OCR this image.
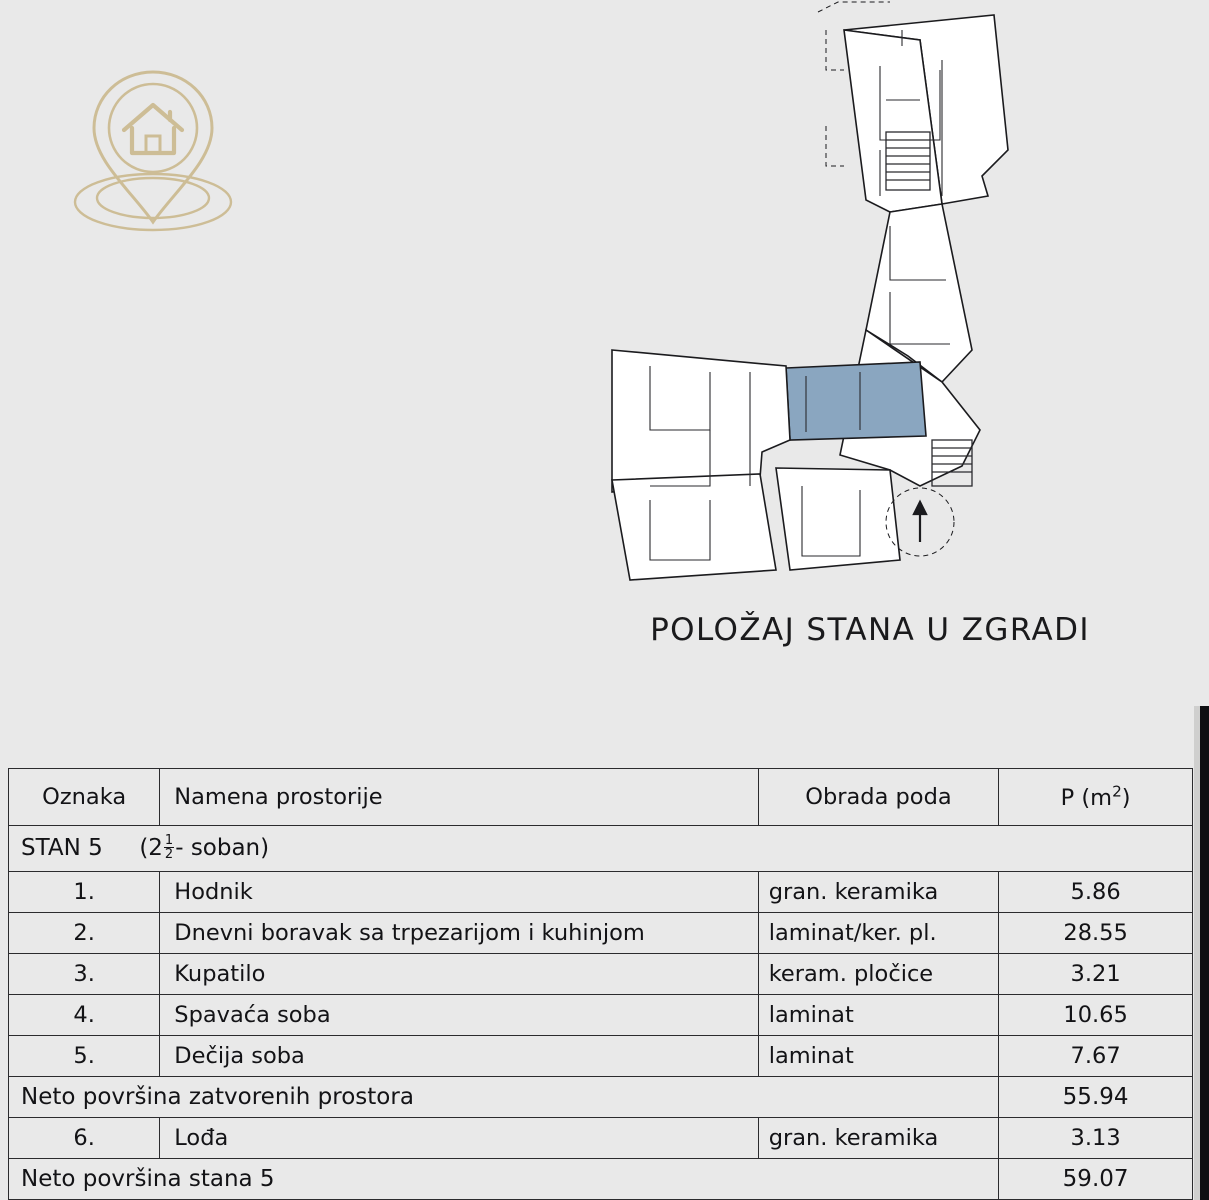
POLOŽAJ STANA U ZGRADI
Oznaka	Namena prostorije	Obrada poda	P $(m^2)$
STAN 5 ($2 \frac{1}{2}$ - soban)			
1.	Hodnik	gran. keramika	5.86
2.	Dnevni boravak sa trpezarijom i kuhinjom	laminat/ker. pl.	28.55
3.	Kupatilo	keram. pločice	3.21
4.	Spavaća soba	laminat	10.65
5.	Dečija soba	laminat	7.67
Neto površina zatvorenih prostora			55.94
6.	Lođa	gran. keramika	3.13
Neto površina stana 5			59.07
